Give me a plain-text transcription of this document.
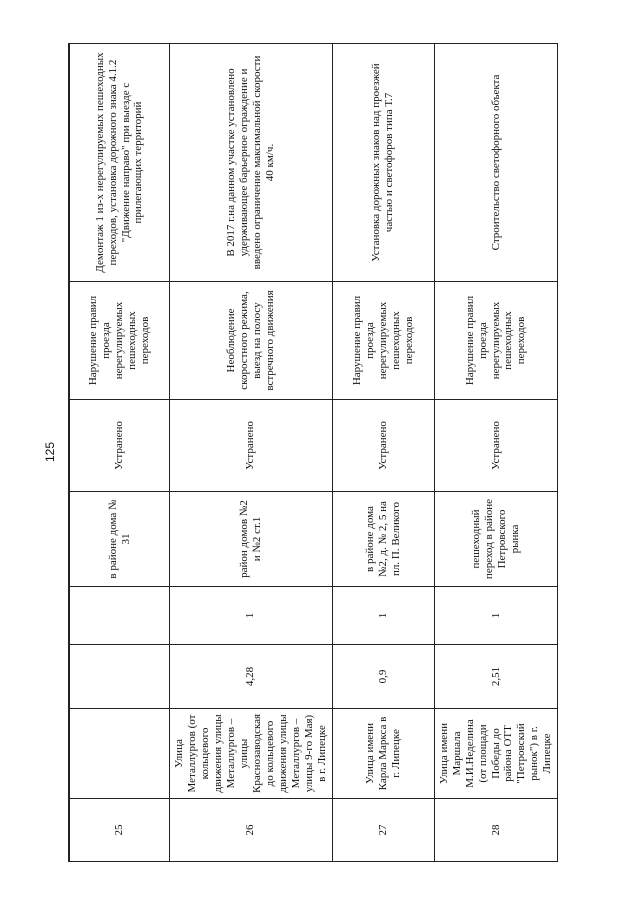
125

25				в районе дома № 31	Устранено	Нарушение правил проезда нерегулируемых пешеходных переходов	Демонтаж 1 из-х нерегулируемых пешеходных переходов, установка дорожного знака 4.1.2 "Движение направо" при выезде с прилегающих территорий
26	Улица Металлургов (от кольцевого движения улицы Металлургов – улицы Краснозаводская до кольцевого движения улицы Металлургов – улицы 9-го Мая) в г. Липецке	4,28	1	район домов №2 и №2 ст.1	Устранено	Необлюдение скоростного режима, выезд на полосу встречного движения	В 2017 г.на данном участке установлено удерживающее барьерное ограждение и введено ограничение максимальной скорости 40 км/ч.
27	Улица имени Карла Маркса в г. Липецке	0,9	1	в районе дома №2, д. № 2, 5 на пл. П. Великого	Устранено	Нарушение правил проезда нерегулируемых пешеходных переходов	Установка дорожных знаков над проезжей частью и светофоров типа Т.7
28	Улица имени Маршала М.И.Неделина (от площади Победы до района ОТТ "Петровский рынок") в г. Липецке	2,51	1	пешеходный переход в районе Петровского рынка	Устранено	Нарушение правил проезда нерегулируемых пешеходных переходов	Строительство светофорного объекта
